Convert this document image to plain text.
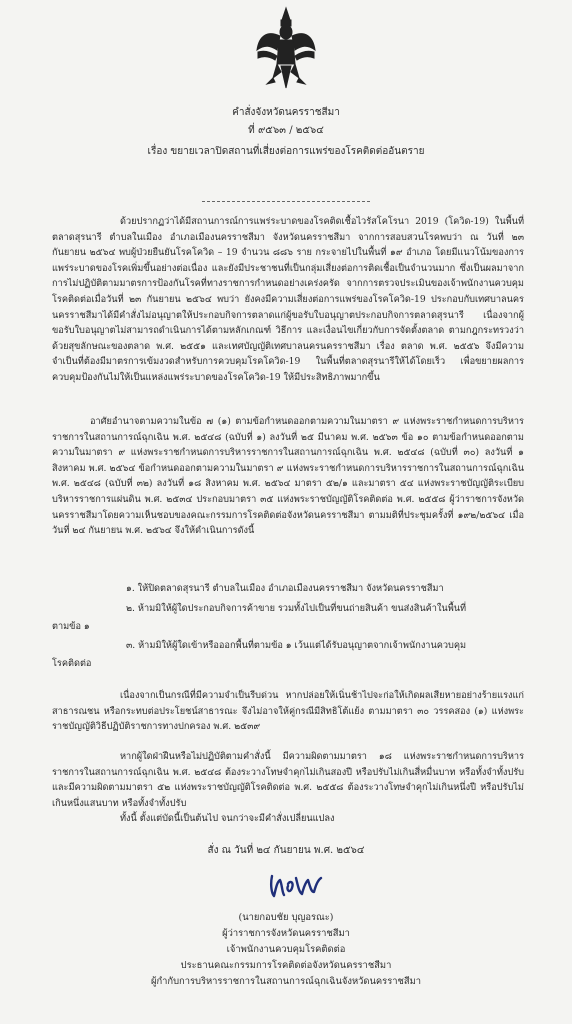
คำสั่งจังหวัดนครราชสีมา
ที่ ๙๕๖๓ / ๒๕๖๔
เรื่อง ขยายเวลาปิดสถานที่เสี่ยงต่อการแพร่ของโรคติดต่ออันตราย
ด้วยปรากฏว่าได้มีสถานการณ์การแพร่ระบาดของโรคติดเชื้อไวรัสโคโรนา 2019 (โควิด-19) ในพื้นที่ตลาดสุรนารี ตำบลในเมือง อำเภอเมืองนครราชสีมา จังหวัดนครราชสีมา จากการสอบสวนโรคพบว่า ณ วันที่ ๒๓ กันยายน ๒๕๖๔ พบผู้ป่วยยืนยันโรคโควิด – 19 จำนวน ๘๘๖ ราย กระจายไปในพื้นที่ ๑๙ อำเภอ โดยมีแนวโน้มของการแพร่ระบาดของโรคเพิ่มขึ้นอย่างต่อเนื่อง และยังมีประชาชนที่เป็นกลุ่มเสี่ยงต่อการติดเชื้อเป็นจำนวนมาก ซึ่งเป็นผลมาจากการไม่ปฏิบัติตามมาตรการป้องกันโรคที่ทางราชการกำหนดอย่างเคร่งครัด จากการตรวจประเมินของเจ้าพนักงานควบคุมโรคติดต่อเมื่อวันที่ ๒๓ กันยายน ๒๕๖๔ พบว่า ยังคงมีความเสี่ยงต่อการแพร่ของโรคโควิด-19 ประกอบกับเทศบาลนครนครราชสีมาได้มีคำสั่งไม่อนุญาตให้ประกอบกิจการตลาดแก่ผู้ขอรับใบอนุญาตประกอบกิจการตลาดสุรนารี เนื่องจากผู้ขอรับใบอนุญาตไม่สามารถดำเนินการได้ตามหลักเกณฑ์ วิธีการ และเงื่อนไขเกี่ยวกับการจัดตั้งตลาด ตามกฎกระทรวงว่าด้วยสุขลักษณะของตลาด พ.ศ. ๒๕๕๑ และเทศบัญญัติเทศบาลนครนครราชสีมา เรื่อง ตลาด พ.ศ. ๒๕๕๖ จึงมีความจำเป็นที่ต้องมีมาตรการเข้มงวดสำหรับการควบคุมโรคโควิด-19 ในพื้นที่ตลาดสุรนารีให้ได้โดยเร็ว เพื่อขยายผลการควบคุมป้องกันไม่ให้เป็นแหล่งแพร่ระบาดของโรคโควิด-19 ให้มีประสิทธิภาพมากขึ้น
อาศัยอำนาจตามความในข้อ ๗ (๑) ตามข้อกำหนดออกตามความในมาตรา ๙ แห่งพระราชกำหนดการบริหารราชการในสถานการณ์ฉุกเฉิน พ.ศ. ๒๕๔๘ (ฉบับที่ ๑) ลงวันที่ ๒๕ มีนาคม พ.ศ. ๒๕๖๓ ข้อ ๑๐ ตามข้อกำหนดออกตามความในมาตรา ๙ แห่งพระราชกำหนดการบริหารราชการในสถานการณ์ฉุกเฉิน พ.ศ. ๒๕๔๘ (ฉบับที่ ๓๐) ลงวันที่ ๑ สิงหาคม พ.ศ. ๒๕๖๔ ข้อกำหนดออกตามความในมาตรา ๙ แห่งพระราชกำหนดการบริหารราชการในสถานการณ์ฉุกเฉิน พ.ศ. ๒๕๔๘ (ฉบับที่ ๓๒) ลงวันที่ ๑๘ สิงหาคม พ.ศ. ๒๕๖๔ มาตรา ๕๒/๑ และมาตรา ๕๔ แห่งพระราชบัญญัติระเบียบบริหารราชการแผ่นดิน พ.ศ. ๒๕๓๔ ประกอบมาตรา ๓๕ แห่งพระราชบัญญัติโรคติดต่อ พ.ศ. ๒๕๕๘ ผู้ว่าราชการจังหวัดนครราชสีมาโดยความเห็นชอบของคณะกรรมการโรคติดต่อจังหวัดนครราชสีมา ตามมติที่ประชุมครั้งที่ ๑๙๒/๒๕๖๔ เมื่อวันที่ ๒๔ กันยายน พ.ศ. ๒๕๖๔ จึงให้ดำเนินการดังนี้
๑. ให้ปิดตลาดสุรนารี ตำบลในเมือง อำเภอเมืองนครราชสีมา จังหวัดนครราชสีมา
๒. ห้ามมิให้ผู้ใดประกอบกิจการค้าขาย รวมทั้งไปเป็นที่ขนถ่ายสินค้า ขนส่งสินค้าในพื้นที่
ตามข้อ ๑
๓. ห้ามมิให้ผู้ใดเข้าหรือออกพื้นที่ตามข้อ ๑ เว้นแต่ได้รับอนุญาตจากเจ้าพนักงานควบคุม
โรคติดต่อ
เนื่องจากเป็นกรณีที่มีความจำเป็นรีบด่วน หากปล่อยให้เนิ่นช้าไปจะก่อให้เกิดผลเสียหายอย่างร้ายแรงแก่สาธารณชน หรือกระทบต่อประโยชน์สาธารณะ จึงไม่อาจให้คู่กรณีมีสิทธิโต้แย้ง ตามมาตรา ๓๐ วรรคสอง (๑) แห่งพระราชบัญญัติวิธีปฏิบัติราชการทางปกครอง พ.ศ. ๒๕๓๙
หากผู้ใดฝ่าฝืนหรือไม่ปฏิบัติตามคำสั่งนี้ มีความผิดตามมาตรา ๑๘ แห่งพระราชกำหนดการบริหารราชการในสถานการณ์ฉุกเฉิน พ.ศ. ๒๕๔๘ ต้องระวางโทษจำคุกไม่เกินสองปี หรือปรับไม่เกินสี่หมื่นบาท หรือทั้งจำทั้งปรับ และมีความผิดตามมาตรา ๕๒ แห่งพระราชบัญญัติโรคติดต่อ พ.ศ. ๒๕๕๘ ต้องระวางโทษจำคุกไม่เกินหนึ่งปี หรือปรับไม่เกินหนึ่งแสนบาท หรือทั้งจำทั้งปรับ
ทั้งนี้ ตั้งแต่บัดนี้เป็นต้นไป จนกว่าจะมีคำสั่งเปลี่ยนแปลง
สั่ง ณ วันที่ ๒๔ กันยายน พ.ศ. ๒๕๖๔
(นายกอบชัย บุญอรณะ)
ผู้ว่าราชการจังหวัดนครราชสีมา
เจ้าพนักงานควบคุมโรคติดต่อ
ประธานคณะกรรมการโรคติดต่อจังหวัดนครราชสีมา
ผู้กำกับการบริหารราชการในสถานการณ์ฉุกเฉินจังหวัดนครราชสีมา
